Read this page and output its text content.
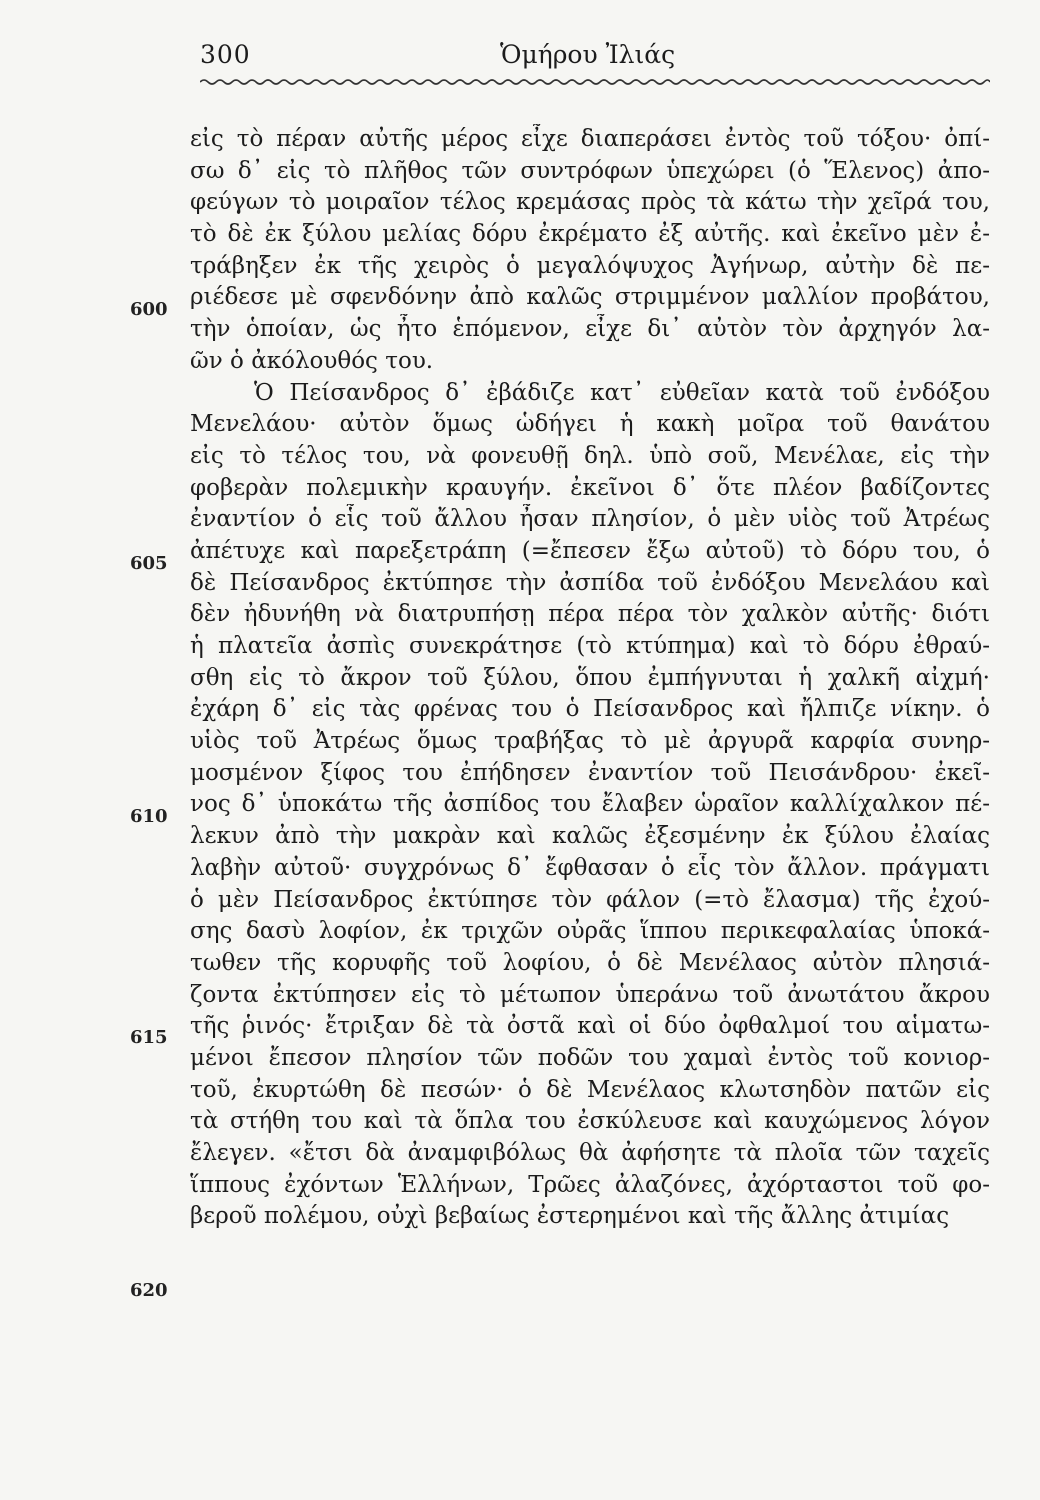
300	Ὁμήρου Ἰλιάς
600
605
610
615
620
εἰς τὸ πέραν αὐτῆς μέρος εἶχε διαπεράσει ἐντὸς τοῦ τόξου· ὀπί-
σω δ᾽ εἰς τὸ πλῆθος τῶν συντρόφων ὑπεχώρει (ὁ Ἕλενος) ἀπο-
φεύγων τὸ μοιραῖον τέλος κρεμάσας πρὸς τὰ κάτω τὴν χεῖρά του,
τὸ δὲ ἐκ ξύλου μελίας δόρυ ἐκρέματο ἐξ αὐτῆς. καὶ ἐκεῖνο μὲν ἐ-
τράβηξεν ἐκ τῆς χειρὸς ὁ μεγαλόψυχος Ἀγήνωρ, αὐτὴν δὲ πε-
ριέδεσε μὲ σφενδόνην ἀπὸ καλῶς στριμμένον μαλλίον προβάτου,
τὴν ὁποίαν, ὡς ἦτο ἑπόμενον, εἶχε δι᾽ αὐτὸν τὸν ἀρχηγόν λα-
ῶν ὁ ἀκόλουθός του.
Ὁ Πείσανδρος δ᾽ ἐβάδιζε κατ᾽ εὐθεῖαν κατὰ τοῦ ἐνδόξου
Μενελάου· αὐτὸν ὅμως ὡδήγει ἡ κακὴ μοῖρα τοῦ θανάτου
εἰς τὸ τέλος του, νὰ φονευθῇ δηλ. ὑπὸ σοῦ, Μενέλαε, εἰς τὴν
φοβερὰν πολεμικὴν κραυγήν. ἐκεῖνοι δ᾽ ὅτε πλέον βαδίζοντες
ἐναντίον ὁ εἷς τοῦ ἄλλου ἦσαν πλησίον, ὁ μὲν υἱὸς τοῦ Ἀτρέως
ἀπέτυχε καὶ παρεξετράπη (=ἔπεσεν ἔξω αὐτοῦ) τὸ δόρυ του, ὁ
δὲ Πείσανδρος ἐκτύπησε τὴν ἀσπίδα τοῦ ἐνδόξου Μενελάου καὶ
δὲν ἠδυνήθη νὰ διατρυπήσῃ πέρα πέρα τὸν χαλκὸν αὐτῆς· διότι
ἡ πλατεῖα ἀσπὶς συνεκράτησε (τὸ κτύπημα) καὶ τὸ δόρυ ἐθραύ-
σθη εἰς τὸ ἄκρον τοῦ ξύλου, ὅπου ἐμπήγνυται ἡ χαλκῆ αἰχμή·
ἐχάρη δ᾽ εἰς τὰς φρένας του ὁ Πείσανδρος καὶ ἤλπιζε νίκην. ὁ
υἱὸς τοῦ Ἀτρέως ὅμως τραβήξας τὸ μὲ ἀργυρᾶ καρφία συνηρ-
μοσμένον ξίφος του ἐπήδησεν ἐναντίον τοῦ Πεισάνδρου· ἐκεῖ-
νος δ᾽ ὑποκάτω τῆς ἀσπίδος του ἔλαβεν ὡραῖον καλλίχαλκον πέ-
λεκυν ἀπὸ τὴν μακρὰν καὶ καλῶς ἐξεσμένην ἐκ ξύλου ἐλαίας
λαβὴν αὐτοῦ· συγχρόνως δ᾽ ἔφθασαν ὁ εἷς τὸν ἄλλον. πράγματι
ὁ μὲν Πείσανδρος ἐκτύπησε τὸν φάλον (=τὸ ἔλασμα) τῆς ἐχού-
σης δασὺ λοφίον, ἐκ τριχῶν οὐρᾶς ἵππου περικεφαλαίας ὑποκά-
τωθεν τῆς κορυφῆς τοῦ λοφίου, ὁ δὲ Μενέλαος αὐτὸν πλησιά-
ζοντα ἐκτύπησεν εἰς τὸ μέτωπον ὑπεράνω τοῦ ἀνωτάτου ἄκρου
τῆς ῥινός· ἔτριξαν δὲ τὰ ὀστᾶ καὶ οἱ δύο ὀφθαλμοί του αἱματω-
μένοι ἔπεσον πλησίον τῶν ποδῶν του χαμαὶ ἐντὸς τοῦ κονιορ-
τοῦ, ἐκυρτώθη δὲ πεσών· ὁ δὲ Μενέλαος κλωτσηδὸν πατῶν εἰς
τὰ στήθη του καὶ τὰ ὅπλα του ἐσκύλευσε καὶ καυχώμενος λόγον
ἔλεγεν. «ἔτσι δὰ ἀναμφιβόλως θὰ ἀφήσητε τὰ πλοῖα τῶν ταχεῖς
ἵππους ἐχόντων Ἑλλήνων, Τρῶες ἀλαζόνες, ἀχόρταστοι τοῦ φο-
βεροῦ πολέμου, οὐχὶ βεβαίως ἐστερημένοι καὶ τῆς ἄλλης ἀτιμίας
